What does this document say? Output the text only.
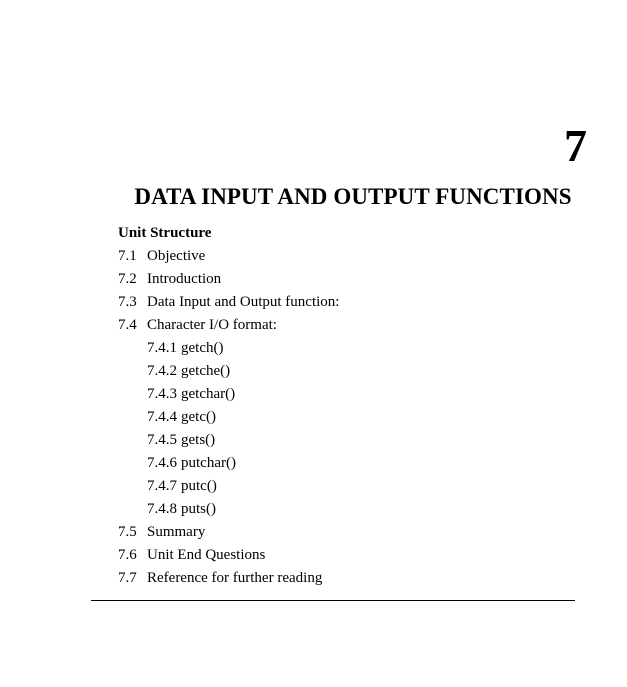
7
DATA INPUT AND OUTPUT FUNCTIONS
Unit Structure
7.1 Objective
7.2 Introduction
7.3 Data Input and Output function:
7.4 Character I/O format:
7.4.1 getch()
7.4.2 getche()
7.4.3 getchar()
7.4.4 getc()
7.4.5 gets()
7.4.6 putchar()
7.4.7 putc()
7.4.8 puts()
7.5 Summary
7.6 Unit End Questions
7.7 Reference for further reading
